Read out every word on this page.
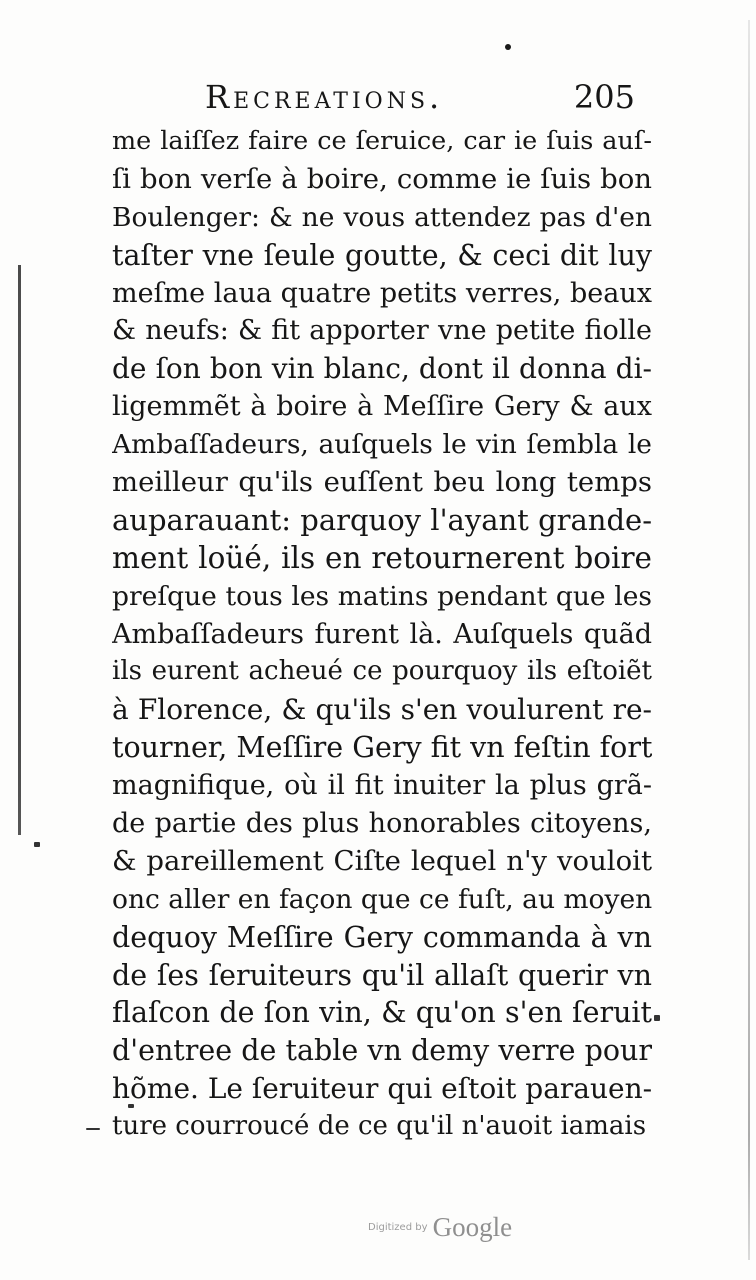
Recreations.	205
me laiſſez faire ce ſeruice, car ie ſuis auſ-
ſi bon verſe à boire, comme ie ſuis bon
Boulenger: & ne vous attendez pas d'en
taſter vne ſeule goutte, & ceci dit luy
meſme laua quatre petits verres, beaux
& neufs: & fit apporter vne petite fiolle
de ſon bon vin blanc, dont il donna di-
ligemmẽt à boire à Meſſire Gery & aux
Ambaſſadeurs, auſquels le vin ſembla le
meilleur qu'ils euſſent beu long temps
auparauant: parquoy l'ayant grande-
ment loüé, ils en retournerent boire
preſque tous les matins pendant que les
Ambaſſadeurs furent là. Auſquels quãd
ils eurent acheué ce pourquoy ils eſtoiẽt
à Florence, & qu'ils s'en voulurent re-
tourner, Meſſire Gery fit vn feſtin fort
magnifique, où il fit inuiter la plus grã-
de partie des plus honorables citoyens,
& pareillement Ciſte lequel n'y vouloit
onc aller en façon que ce fuſt, au moyen
dequoy Meſſire Gery commanda à vn
de ſes ſeruiteurs qu'il allaſt querir vn
flaſcon de ſon vin, & qu'on s'en ſeruit
d'entree de table vn demy verre pour
hõme. Le ſeruiteur qui eſtoit parauen-
ture courroucé de ce qu'il n'auoit iamais
Digitized by Google
